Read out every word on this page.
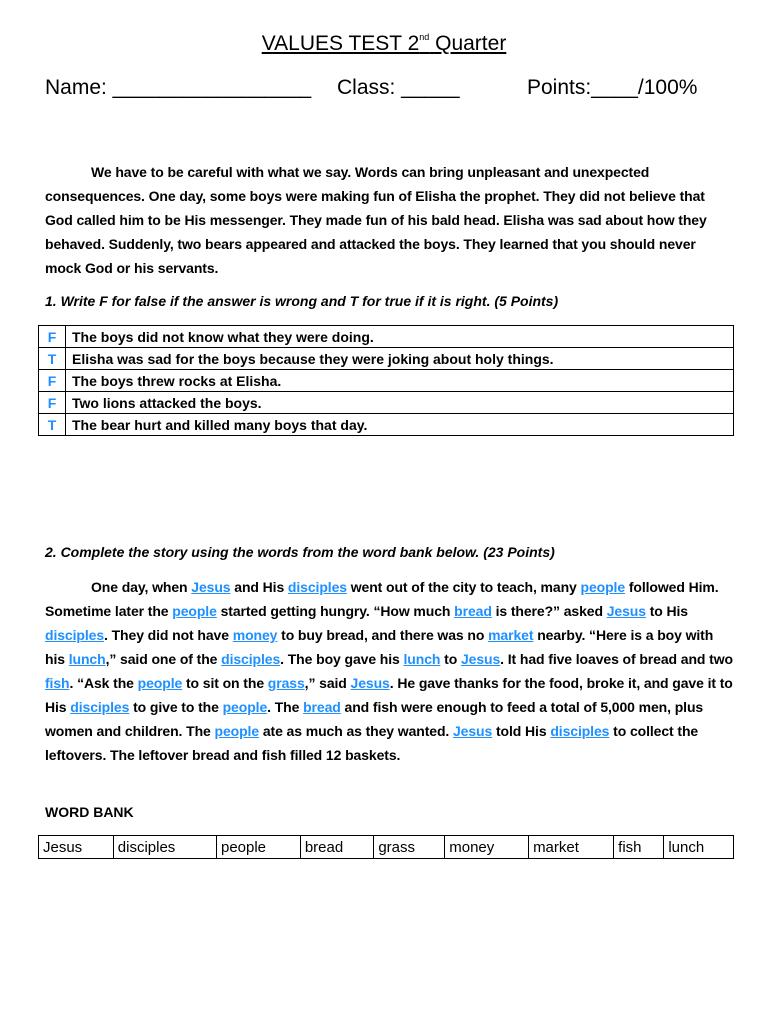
VALUES TEST 2nd Quarter
Name: _________________ Class: _____	Points:____/100%
We have to be careful with what we say. Words can bring unpleasant and unexpected consequences. One day, some boys were making fun of Elisha the prophet. They did not believe that God called him to be His messenger. They made fun of his bald head. Elisha was sad about how they behaved. Suddenly, two bears appeared and attacked the boys. They learned that you should never mock God or his servants.
1. Write F for false if the answer is wrong and T for true if it is right. (5 Points)
F	The boys did not know what they were doing.
T	Elisha was sad for the boys because they were joking about holy things.
F	The boys threw rocks at Elisha.
F	Two lions attacked the boys.
T	The bear hurt and killed many boys that day.
2. Complete the story using the words from the word bank below. (23 Points)
One day, when Jesus and His disciples went out of the city to teach, many people followed Him. Sometime later the people started getting hungry. “How much bread is there?” asked Jesus to His disciples. They did not have money to buy bread, and there was no market nearby. “Here is a boy with his lunch,” said one of the disciples. The boy gave his lunch to Jesus. It had five loaves of bread and two fish. “Ask the people to sit on the grass,” said Jesus. He gave thanks for the food, broke it, and gave it to His disciples to give to the people. The bread and fish were enough to feed a total of 5,000 men, plus women and children. The people ate as much as they wanted. Jesus told His disciples to collect the leftovers. The leftover bread and fish filled 12 baskets.
WORD BANK
Jesus	disciples	people	bread	grass	money	market	fish	lunch
